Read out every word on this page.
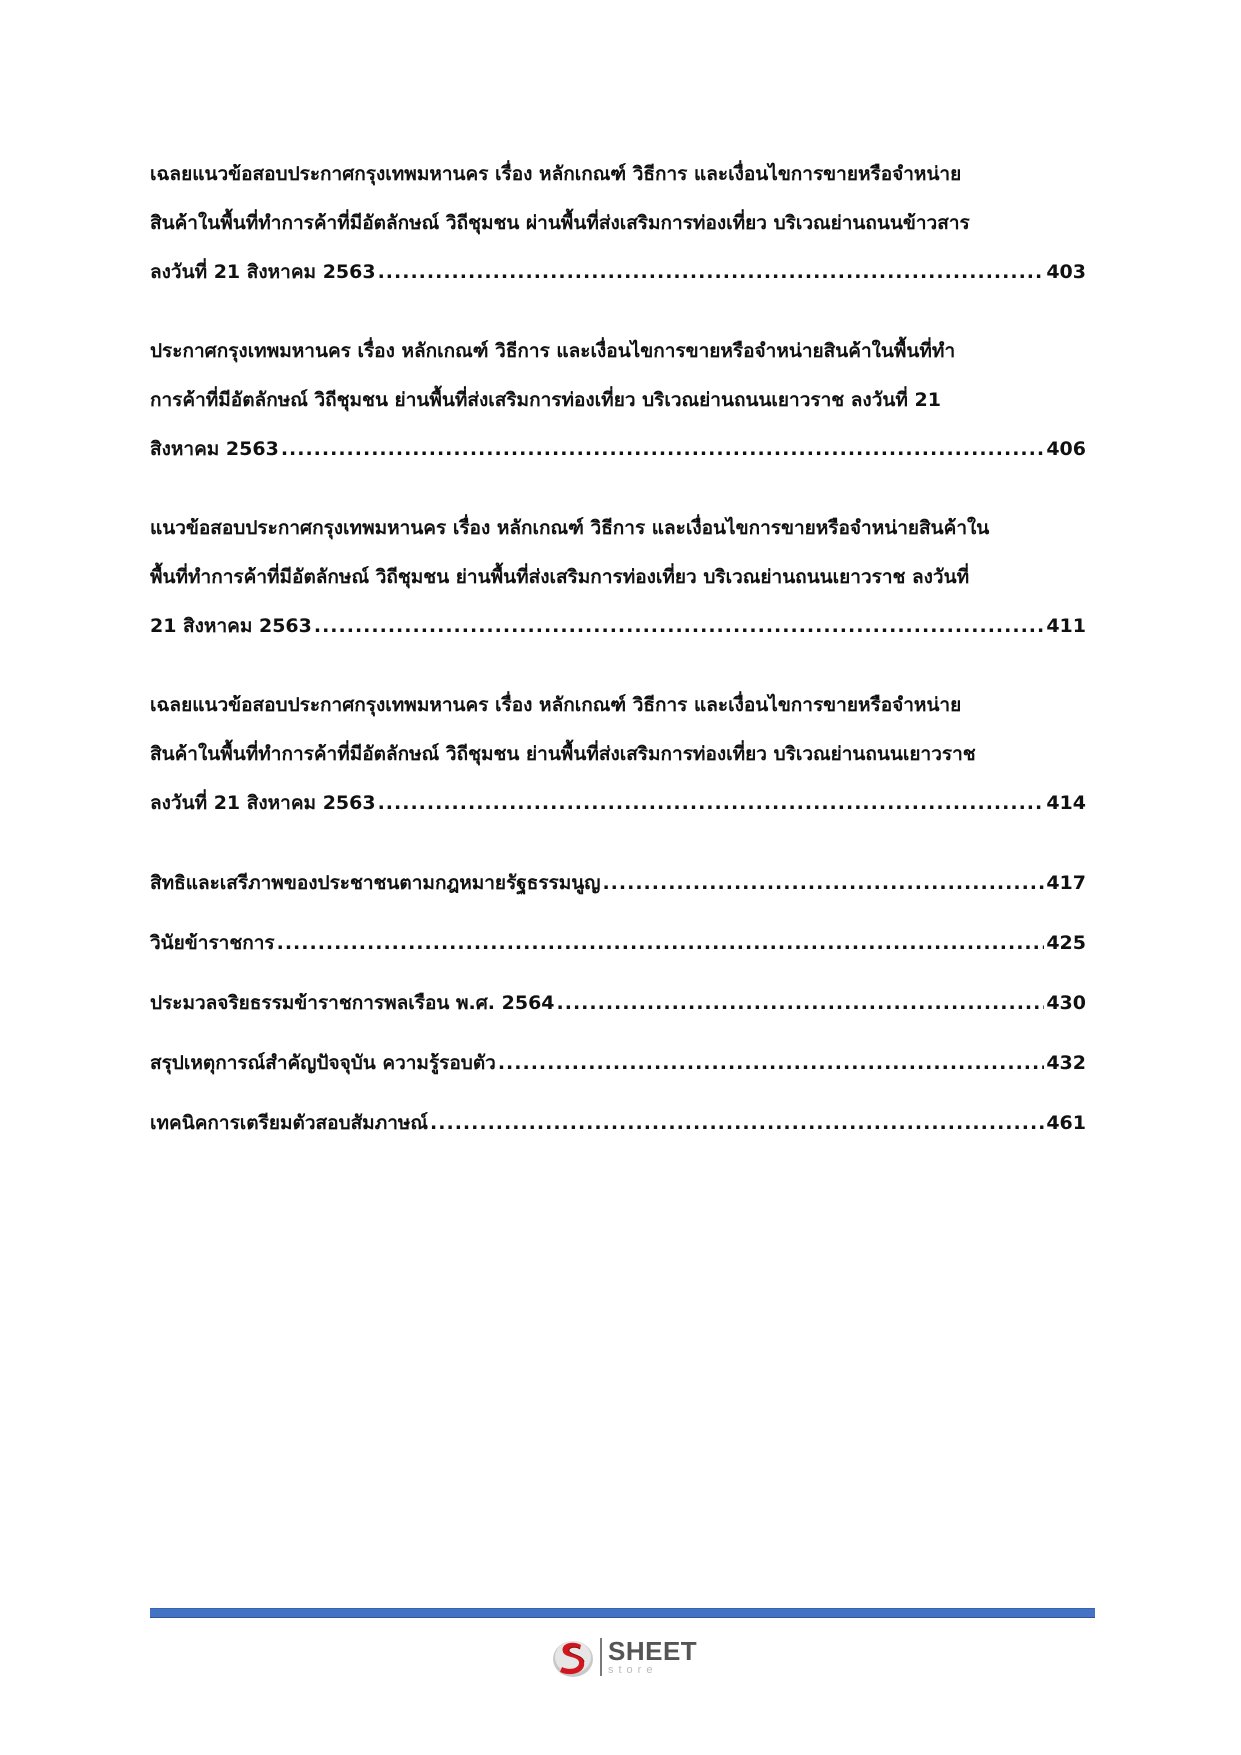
เฉลยแนวข้อสอบประกาศกรุงเทพมหานคร เรื่อง หลักเกณฑ์ วิธีการ และเงื่อนไขการขายหรือจำหน่าย
สินค้าในพื้นที่ทำการค้าที่มีอัตลักษณ์ วิถีชุมชน ผ่านพื้นที่ส่งเสริมการท่องเที่ยว บริเวณย่านถนนข้าวสาร
ลงวันที่ 21 สิงหาคม 2563 .....	403
ประกาศกรุงเทพมหานคร เรื่อง หลักเกณฑ์ วิธีการ และเงื่อนไขการขายหรือจำหน่ายสินค้าในพื้นที่ทำ
การค้าที่มีอัตลักษณ์ วิถีชุมชน ย่านพื้นที่ส่งเสริมการท่องเที่ยว บริเวณย่านถนนเยาวราช ลงวันที่ 21
สิงหาคม 2563 .....	406
แนวข้อสอบประกาศกรุงเทพมหานคร เรื่อง หลักเกณฑ์ วิธีการ และเงื่อนไขการขายหรือจำหน่ายสินค้าใน
พื้นที่ทำการค้าที่มีอัตลักษณ์ วิถีชุมชน ย่านพื้นที่ส่งเสริมการท่องเที่ยว บริเวณย่านถนนเยาวราช ลงวันที่
21 สิงหาคม 2563 .....	411
เฉลยแนวข้อสอบประกาศกรุงเทพมหานคร เรื่อง หลักเกณฑ์ วิธีการ และเงื่อนไขการขายหรือจำหน่าย
สินค้าในพื้นที่ทำการค้าที่มีอัตลักษณ์ วิถีชุมชน ย่านพื้นที่ส่งเสริมการท่องเที่ยว บริเวณย่านถนนเยาวราช
ลงวันที่ 21 สิงหาคม 2563 .....	414
สิทธิและเสรีภาพของประชาชนตามกฎหมายรัฐธรรมนูญ .....	417
วินัยข้าราชการ .....	425
ประมวลจริยธรรมข้าราชการพลเรือน พ.ศ. 2564 .....	430
สรุปเหตุการณ์สำคัญปัจจุบัน ความรู้รอบตัว .....	432
เทคนิคการเตรียมตัวสอบสัมภาษณ์ .....	461
SHEET
store
